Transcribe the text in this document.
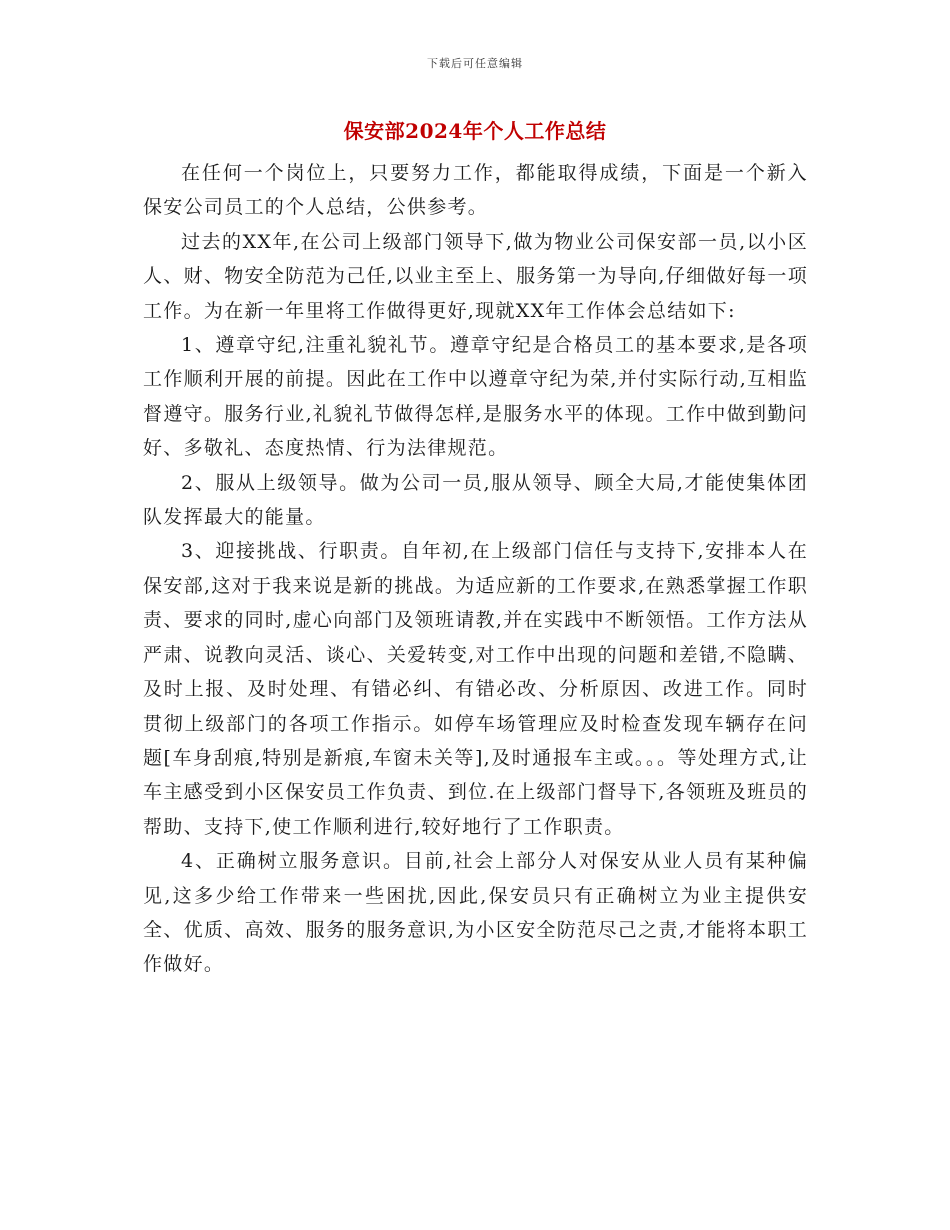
下载后可任意编辑
保安部2024年个人工作总结

在任何一个岗位上，只要努力工作，都能取得成绩，下面是一个新入保安公司员工的个人总结，公供参考。

过去的XX年,在公司上级部门领导下,做为物业公司保安部一员,以小区人、财、物安全防范为己任,以业主至上、服务第一为导向,仔细做好每一项工作。为在新一年里将工作做得更好,现就XX年工作体会总结如下:

1、遵章守纪,注重礼貌礼节。遵章守纪是合格员工的基本要求,是各项工作顺利开展的前提。因此在工作中以遵章守纪为荣,并付实际行动,互相监督遵守。服务行业,礼貌礼节做得怎样,是服务水平的体现。工作中做到勤问好、多敬礼、态度热情、行为法律规范。

2、服从上级领导。做为公司一员,服从领导、顾全大局,才能使集体团队发挥最大的能量。

3、迎接挑战、行职责。自年初,在上级部门信任与支持下,安排本人在保安部,这对于我来说是新的挑战。为适应新的工作要求,在熟悉掌握工作职责、要求的同时,虚心向部门及领班请教,并在实践中不断领悟。工作方法从严肃、说教向灵活、谈心、关爱转变,对工作中出现的问题和差错,不隐瞒、及时上报、及时处理、有错必纠、有错必改、分析原因、改进工作。同时贯彻上级部门的各项工作指示。如停车场管理应及时检查发现车辆存在问题[车身刮痕,特别是新痕,车窗未关等],及时通报车主或。。。等处理方式,让车主感受到小区保安员工作负责、到位.在上级部门督导下,各领班及班员的帮助、支持下,使工作顺利进行,较好地行了工作职责。

4、正确树立服务意识。目前,社会上部分人对保安从业人员有某种偏见,这多少给工作带来一些困扰,因此,保安员只有正确树立为业主提供安全、优质、高效、服务的服务意识,为小区安全防范尽己之责,才能将本职工作做好。
